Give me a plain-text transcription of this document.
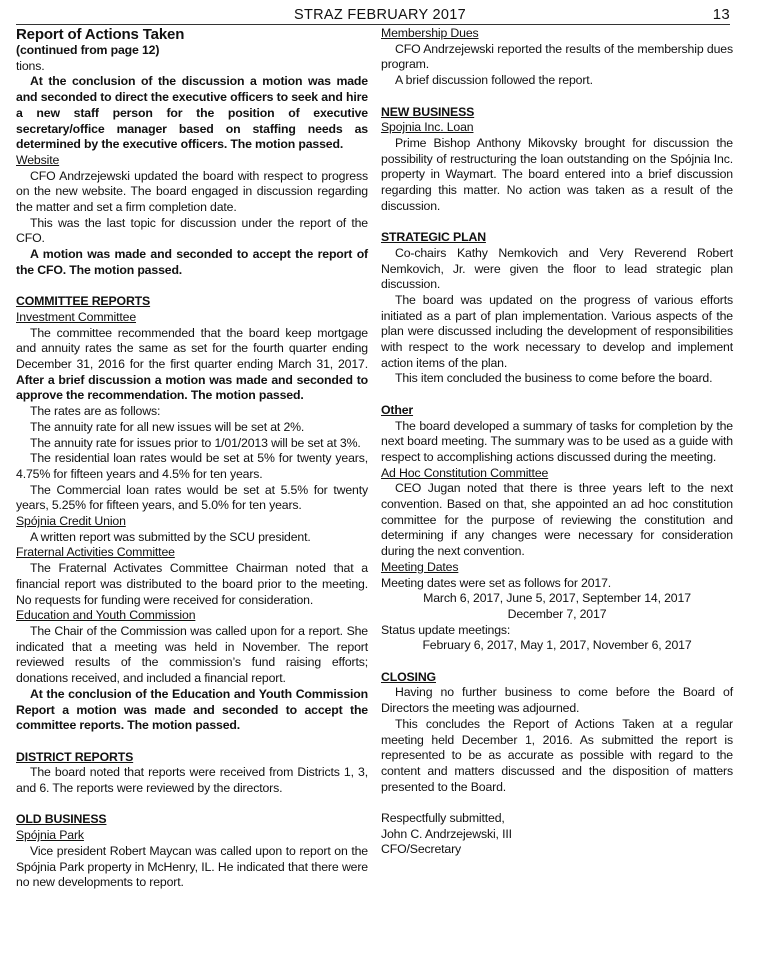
STRAZ FEBRUARY 2017	13
Report of Actions Taken
(continued from page 12)

tions.

At the conclusion of the discussion a motion was made and seconded to direct the executive officers to seek and hire a new staff person for the position of executive secretary/office manager based on staffing needs as determined by the executive officers. The motion passed.

Website

CFO Andrzejewski updated the board with respect to progress on the new website. The board engaged in discussion regarding the matter and set a firm completion date.

This was the last topic for discussion under the report of the CFO.

A motion was made and seconded to accept the report of the CFO. The motion passed.

COMMITTEE REPORTS
Investment Committee

The committee recommended that the board keep mortgage and annuity rates the same as set for the fourth quarter ending December 31, 2016 for the first quarter ending March 31, 2017. After a brief discussion a motion was made and seconded to approve the recommendation. The motion passed.

The rates are as follows:

The annuity rate for all new issues will be set at 2%.

The annuity rate for issues prior to 1/01/2013 will be set at 3%.

The residential loan rates would be set at 5% for twenty years, 4.75% for fifteen years and 4.5% for ten years.

The Commercial loan rates would be set at 5.5% for twenty years, 5.25% for fifteen years, and 5.0% for ten years.

Spójnia Credit Union

A written report was submitted by the SCU president.

Fraternal Activities Committee

The Fraternal Activates Committee Chairman noted that a financial report was distributed to the board prior to the meeting. No requests for funding were received for consideration.

Education and Youth Commission

The Chair of the Commission was called upon for a report. She indicated that a meeting was held in November. The report reviewed results of the commission’s fund raising efforts; donations received, and included a financial report.

At the conclusion of the Education and Youth Commission Report a motion was made and seconded to accept the committee reports. The motion passed.

DISTRICT REPORTS

The board noted that reports were received from Districts 1, 3, and 6. The reports were reviewed by the directors.

OLD BUSINESS
Spójnia Park

Vice president Robert Maycan was called upon to report on the Spójnia Park property in McHenry, IL. He indicated that there were no new developments to report.

Membership Dues

CFO Andrzejewski reported the results of the membership dues program.

A brief discussion followed the report.

NEW BUSINESS
Spojnia Inc. Loan

Prime Bishop Anthony Mikovsky brought for discussion the possibility of restructuring the loan outstanding on the Spójnia Inc. property in Waymart. The board entered into a brief discussion regarding this matter. No action was taken as a result of the discussion.

STRATEGIC PLAN

Co-chairs Kathy Nemkovich and Very Reverend Robert Nemkovich, Jr. were given the floor to lead strategic plan discussion.

The board was updated on the progress of various efforts initiated as a part of plan implementation. Various aspects of the plan were discussed including the development of responsibilities with respect to the work necessary to develop and implement action items of the plan.

This item concluded the business to come before the board.

Other

The board developed a summary of tasks for completion by the next board meeting. The summary was to be used as a guide with respect to accomplishing actions discussed during the meeting.

Ad Hoc Constitution Committee

CEO Jugan noted that there is three years left to the next convention. Based on that, she appointed an ad hoc constitution committee for the purpose of reviewing the constitution and determining if any changes were necessary for consideration during the next convention.

Meeting Dates

Meeting dates were set as follows for 2017.

March 6, 2017, June 5, 2017, September 14, 2017

December 7, 2017

Status update meetings:

February 6, 2017, May 1, 2017, November 6, 2017

CLOSING

Having no further business to come before the Board of Directors the meeting was adjourned.

This concludes the Report of Actions Taken at a regular meeting held December 1, 2016. As submitted the report is represented to be as accurate as possible with regard to the content and matters discussed and the disposition of matters presented to the Board.

Respectfully submitted,

John C. Andrzejewski, III

CFO/Secretary
